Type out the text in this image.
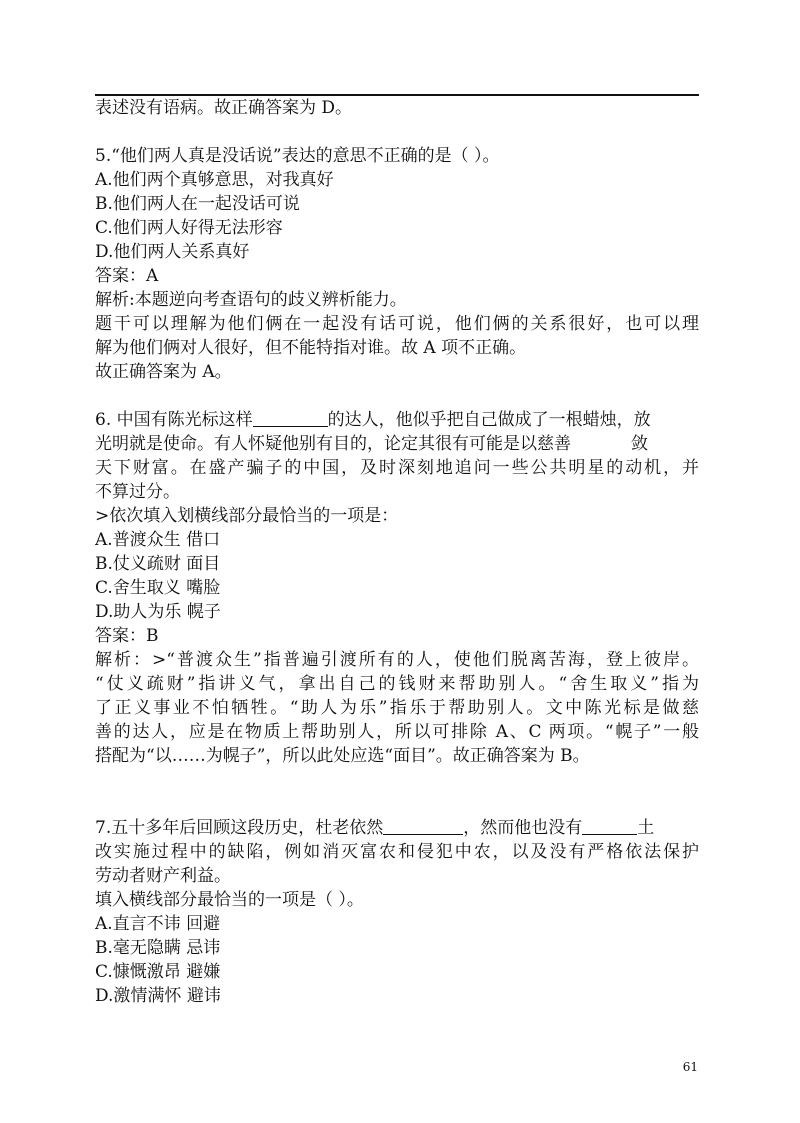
表述没有语病。故正确答案为 D。
5.“他们两人真是没话说”表达的意思不正确的是（ ）。
A.他们两个真够意思，对我真好
B.他们两人在一起没话可说
C.他们两人好得无法形容
D.他们两人关系真好
答案：A
解析:本题逆向考查语句的歧义辨析能力。
题干可以理解为他们俩在一起没有话可说，他们俩的关系很好，也可以理
解为他们俩对人很好，但不能特指对谁。故 A 项不正确。
故正确答案为 A。
6. 中国有陈光标这样	的达人，他似乎把自己做成了一根蜡烛，放
光明就是使命。有人怀疑他别有目的，论定其很有可能是以慈善	敛
天下财富。在盛产骗子的中国，及时深刻地追问一些公共明星的动机，并
不算过分。
>依次填入划横线部分最恰当的一项是：
A.普渡众生 借口
B.仗义疏财 面目
C.舍生取义 嘴脸
D.助人为乐 幌子
答案：B
解析：>“普渡众生”指普遍引渡所有的人，使他们脱离苦海，登上彼岸。
“仗义疏财”指讲义气，拿出自己的钱财来帮助别人。“舍生取义”指为
了正义事业不怕牺牲。“助人为乐”指乐于帮助别人。文中陈光标是做慈
善的达人，应是在物质上帮助别人，所以可排除 A、C 两项。“幌子”一般
搭配为“以……为幌子”，所以此处应选“面目”。故正确答案为 B。
7.五十多年后回顾这段历史，杜老依然	，然而他也没有	土
改实施过程中的缺陷，例如消灭富农和侵犯中农，以及没有严格依法保护
劳动者财产利益。
填入横线部分最恰当的一项是（ ）。
A.直言不讳 回避
B.毫无隐瞒 忌讳
C.慷慨激昂 避嫌
D.激情满怀 避讳
61
